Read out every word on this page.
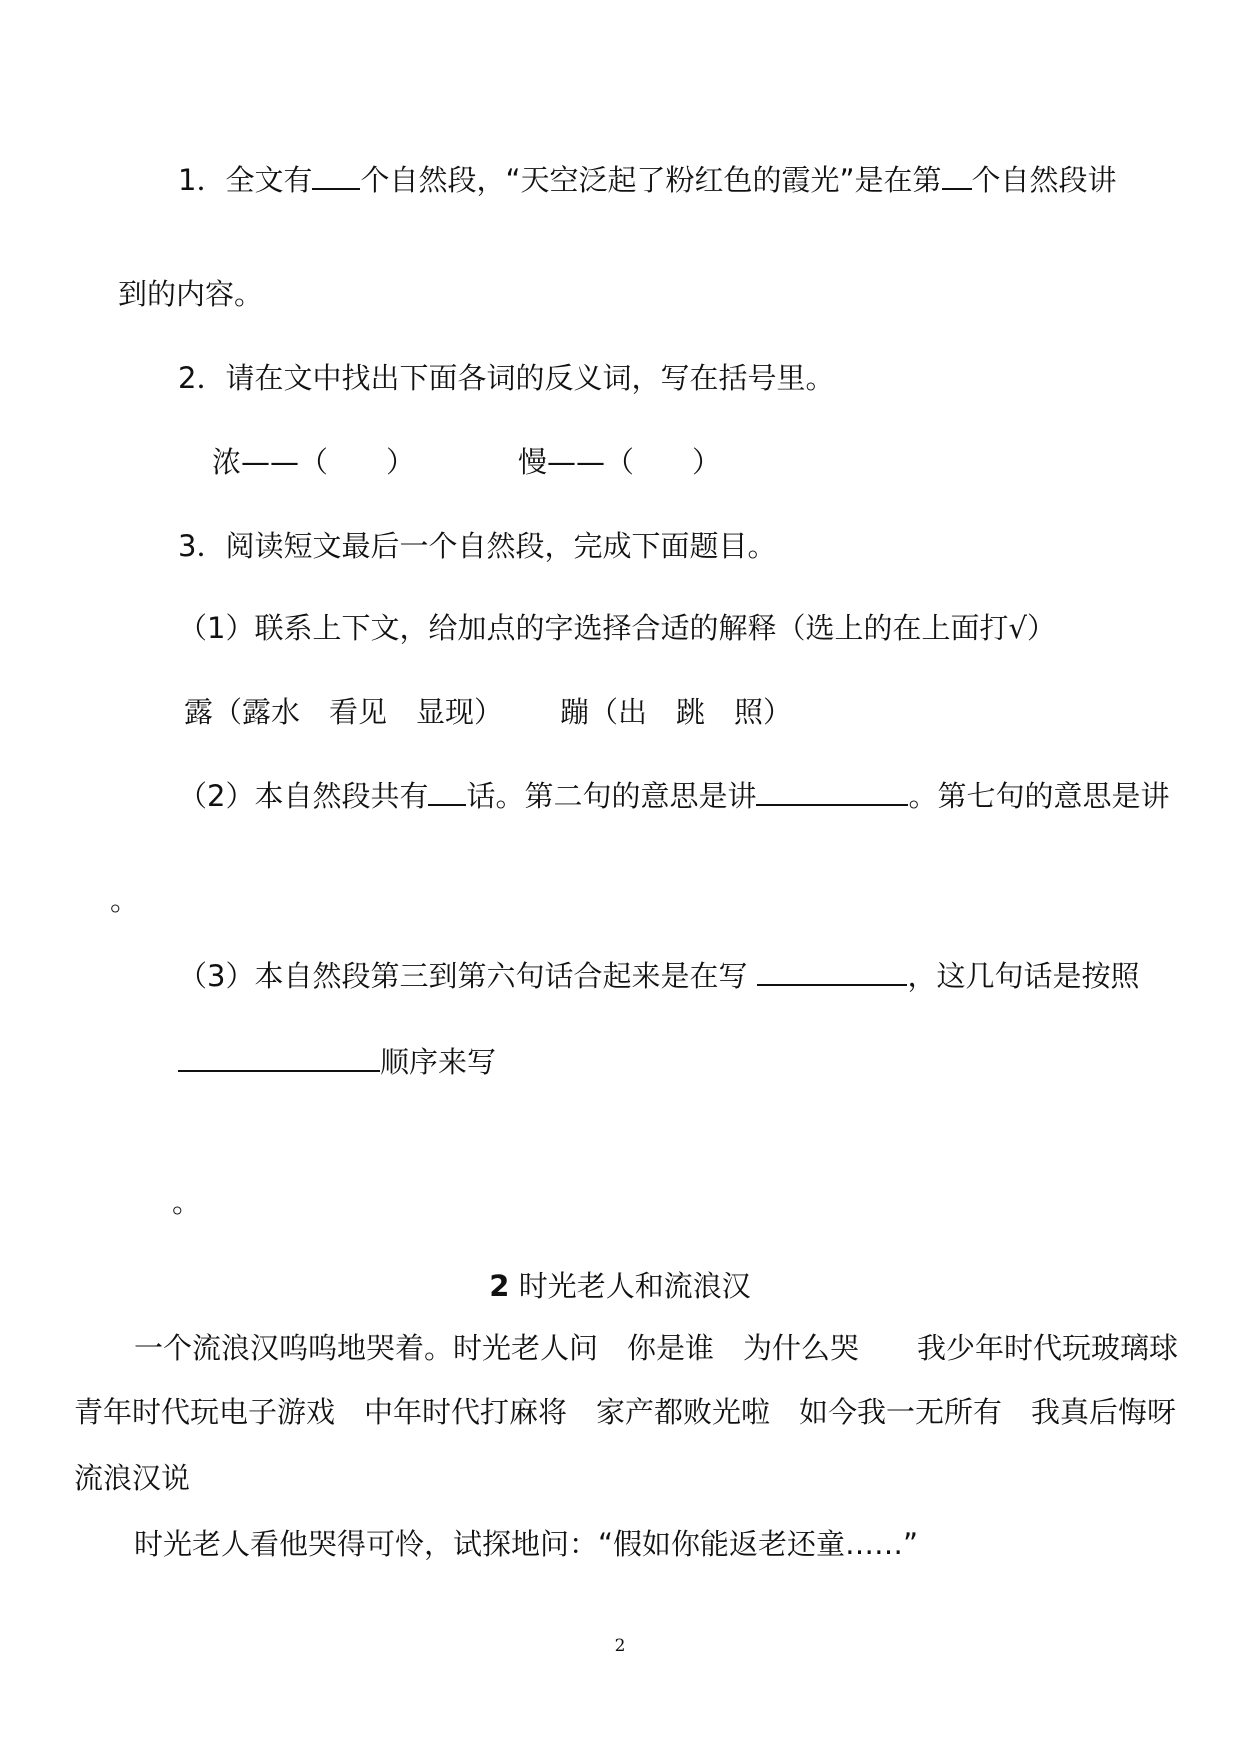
1．全文有 个自然段，“天空泛起了粉红色的霞光”是在第 个自然段讲
到的内容。
2．请在文中找出下面各词的反义词，写在括号里。
浓——（　　）	慢——（　　）
3．阅读短文最后一个自然段，完成下面题目。
（1）联系上下文，给加点的字选择合适的解释（选上的在上面打√）
露（露水　看见　显现） 蹦（出　跳　照）
（2）本自然段共有 话。第二句的意思是讲	。第七句的意思是讲
。
（3）本自然段第三到第六句话合起来是在写	，这几句话是按照
顺序来写
。
2 时光老人和流浪汉
一个流浪汉呜呜地哭着。时光老人问　你是谁　为什么哭　　我少年时代玩玻璃球
青年时代玩电子游戏　中年时代打麻将　家产都败光啦　如今我一无所有　我真后悔呀
流浪汉说
时光老人看他哭得可怜，试探地问：“假如你能返老还童……”
2
